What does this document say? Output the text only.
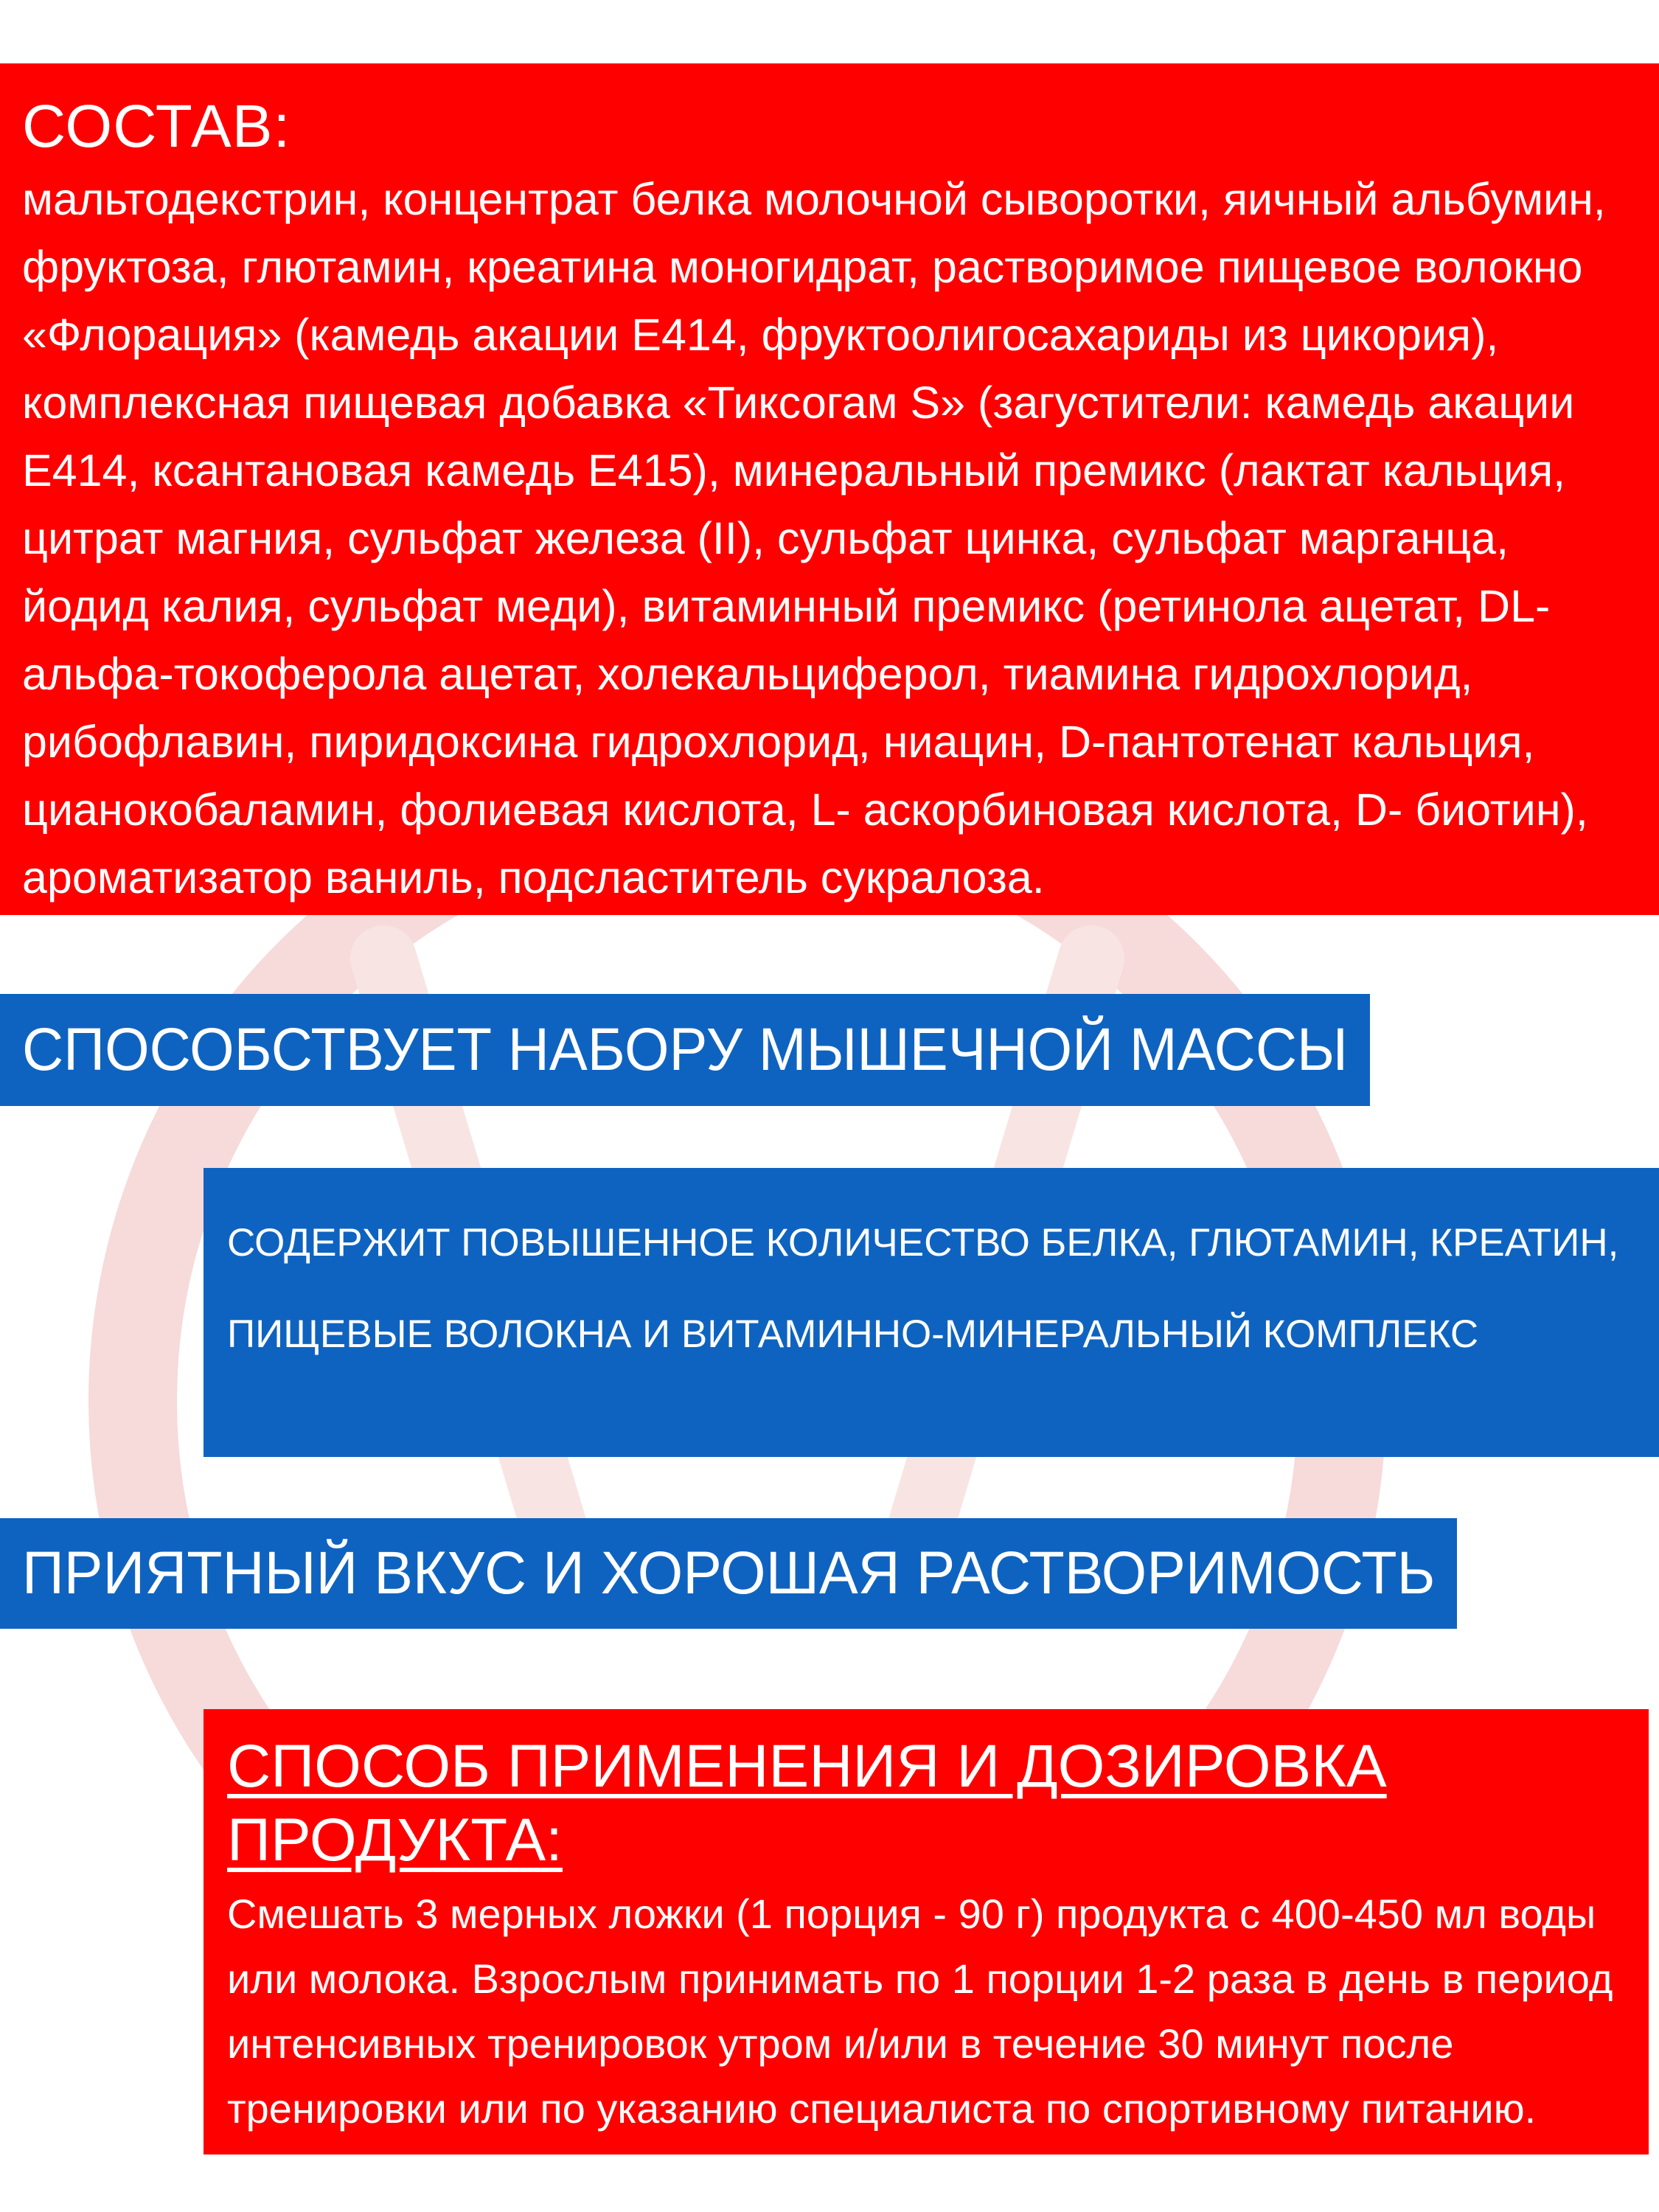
СОСТАВ:
мальтодекстрин, концентрат белка молочной сыворотки, яичный альбумин, фруктоза, глютамин, креатина моногидрат, растворимое пищевое волокно «Флорация» (камедь акации Е414, фруктоолигосахариды из цикория), комплексная пищевая добавка «Тиксогам S» (загустители: камедь акации Е414, ксантановая камедь Е415), минеральный премикс (лактат кальция, цитрат магния, сульфат железа (II), сульфат цинка, сульфат марганца, йодид калия, сульфат меди), витаминный премикс (ретинола ацетат, DL-альфа-токоферола ацетат, холекальциферол, тиамина гидрохлорид, рибофлавин, пиридоксина гидрохлорид, ниацин, D-пантотенат кальция, цианокобаламин, фолиевая кислота, L- аскорбиновая кислота, D- биотин), ароматизатор ваниль, подсластитель сукралоза.
СПОСОБСТВУЕТ НАБОРУ МЫШЕЧНОЙ МАССЫ
СОДЕРЖИТ ПОВЫШЕННОЕ КОЛИЧЕСТВО БЕЛКА, ГЛЮТАМИН, КРЕАТИН, ПИЩЕВЫЕ ВОЛОКНА И ВИТАМИННО-МИНЕРАЛЬНЫЙ КОМПЛЕКС
ПРИЯТНЫЙ ВКУС И ХОРОШАЯ РАСТВОРИМОСТЬ
СПОСОБ ПРИМЕНЕНИЯ И ДОЗИРОВКА ПРОДУКТА:
Смешать 3 мерных ложки (1 порция - 90 г) продукта с 400-450 мл воды или молока. Взрослым принимать по 1 порции 1-2 раза в день в период интенсивных тренировок утром и/или в течение 30 минут после тренировки или по указанию специалиста по спортивному питанию.
